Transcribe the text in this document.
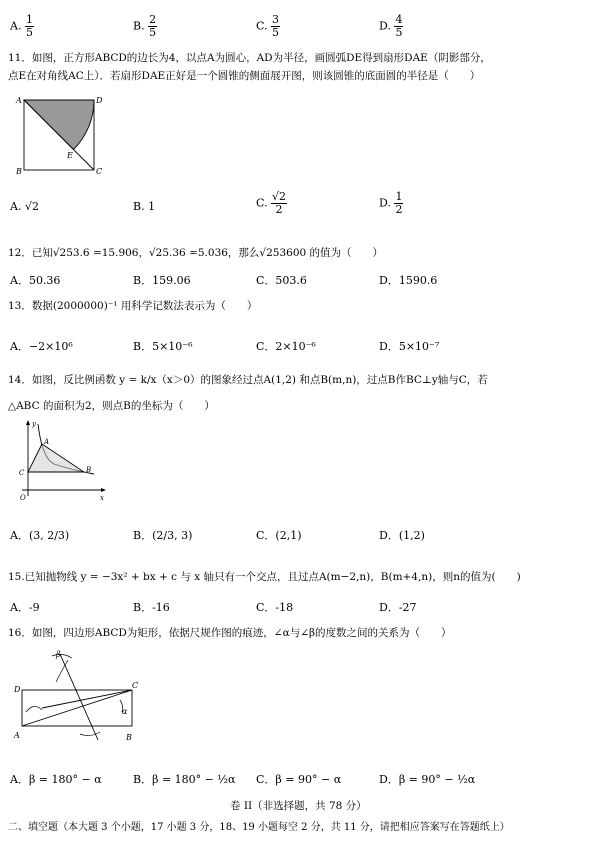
A. $\frac{1}{5}$	B. $\frac{2}{5}$	C. $\frac{3}{5}$	D. $\frac{4}{5}$
11．如图，正方形ABCD的边长为4，以点A为圆心，AD为半径，画圆弧DE得到扇形DAE（阴影部分，
点E在对角线AC上）．若扇形DAE正好是一个圆锥的侧面展开图，则该圆锥的底面圆的半径是（　　）
A	D
B	C
E
A. √2	B. 1	C. $\frac{√2}{2}$	D. $\frac{1}{2}$
12．已知√253.6 =15.906，√25.36 =5.036，那么√253600 的值为（　　）
A．50.36	B．159.06	C．503.6	D．1590.6
13．数据(2000000)⁻¹ 用科学记数法表示为（　　）
A．−2×10⁶	B．5×10⁻⁶	C．2×10⁻⁶	D．5×10⁻⁷
14．如图，反比例函数 y = k/x（x＞0）的图象经过点A(1,2) 和点B(m,n)，过点B作BC⊥y轴与C，若
△ABC 的面积为2，则点B的坐标为（　　）
y
x
O
A
B
C
A．(3, 2/3)	B．(2/3, 3)	C．(2,1)	D．(1,2)
15.已知抛物线 y = −3x² + bx + c 与 x 轴只有一个交点，且过点A(m−2,n)，B(m+4,n)，则n的值为(　　)
A．-9	B．-16	C．-18	D．-27
16．如图，四边形ABCD为矩形，依据尺规作图的痕迹，∠α与∠β的度数之间的关系为（　　）
D	C
A	B
α
β
A．β = 180° − α	B．β = 180° − ½α C．β = 90° − α	D．β = 90° − ½α
卷 II（非选择题，共 78 分）
二、填空题（本大题 3 个小题，17 小题 3 分，18、19 小题每空 2 分，共 11 分，请把相应答案写在答题纸上）
